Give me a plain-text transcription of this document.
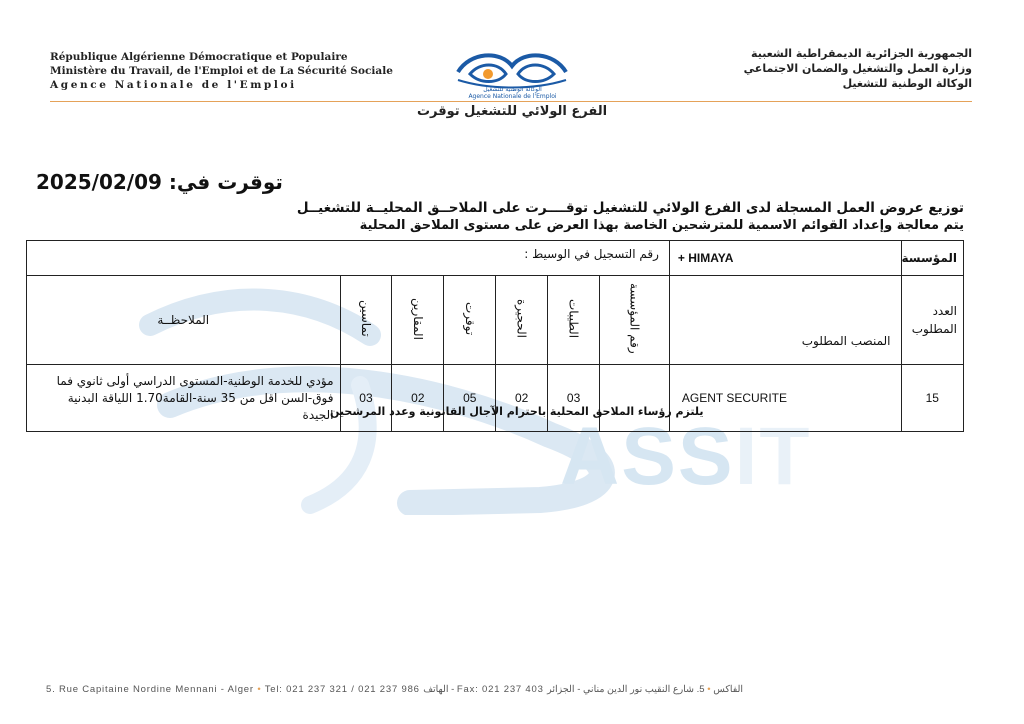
ASSIT
République Algérienne Démocratique et Populaire
Ministère du Travail, de l'Emploi et de La Sécurité Sociale
Agence Nationale de l'Emploi	الوكالة الوطنية للتشغيل
Agence Nationale de l'Emploi
الجمهورية الجزائرية الديمقراطية الشعبية
وزارة العمل والتشغيل والضمان الاجتماعي
الوكالة الوطنية للتشغيل
الفرع الولائي للتشغيل توقرت
توقرت في: 2025/02/09
توزيع عروض العمل المسجلة لدى الفرع الولائي للتشغيل توقــــرت على الملاحــق المحليــة للتشغيــل
يتم معالجة وإعداد القوائم الاسمية للمترشحين الخاصة بهذا العرض على مستوى الملاحق المحلية
المؤسسة	HIMAYA +	رقم التسجيل في الوسيط :						
العدد المطلوب	المنصب المطلوب	رقم المؤسسة	الطيبات	الحجيرة	توقرت	المقارين	تماسين	الملاحظــة
15	AGENT SECURITE		03	02	05	02	03	مؤدي للخدمة الوطنية-المستوى الدراسي أولى ثانوي فما فوق-السن اقل من 35 سنة-القامة1.70 اللياقة البدنية الجيدة
يلتزم رؤساء الملاحق المحلية باحترام الآجال القانونية وعدد المرشحين
5. Rue Capitaine Nordine Mennani - Alger • Tel: 021 237 321 / 021 237 986 الهاتف - Fax: 021 237 403 الفاكس • 5. شارع النقيب نور الدين مناني - الجزائر
